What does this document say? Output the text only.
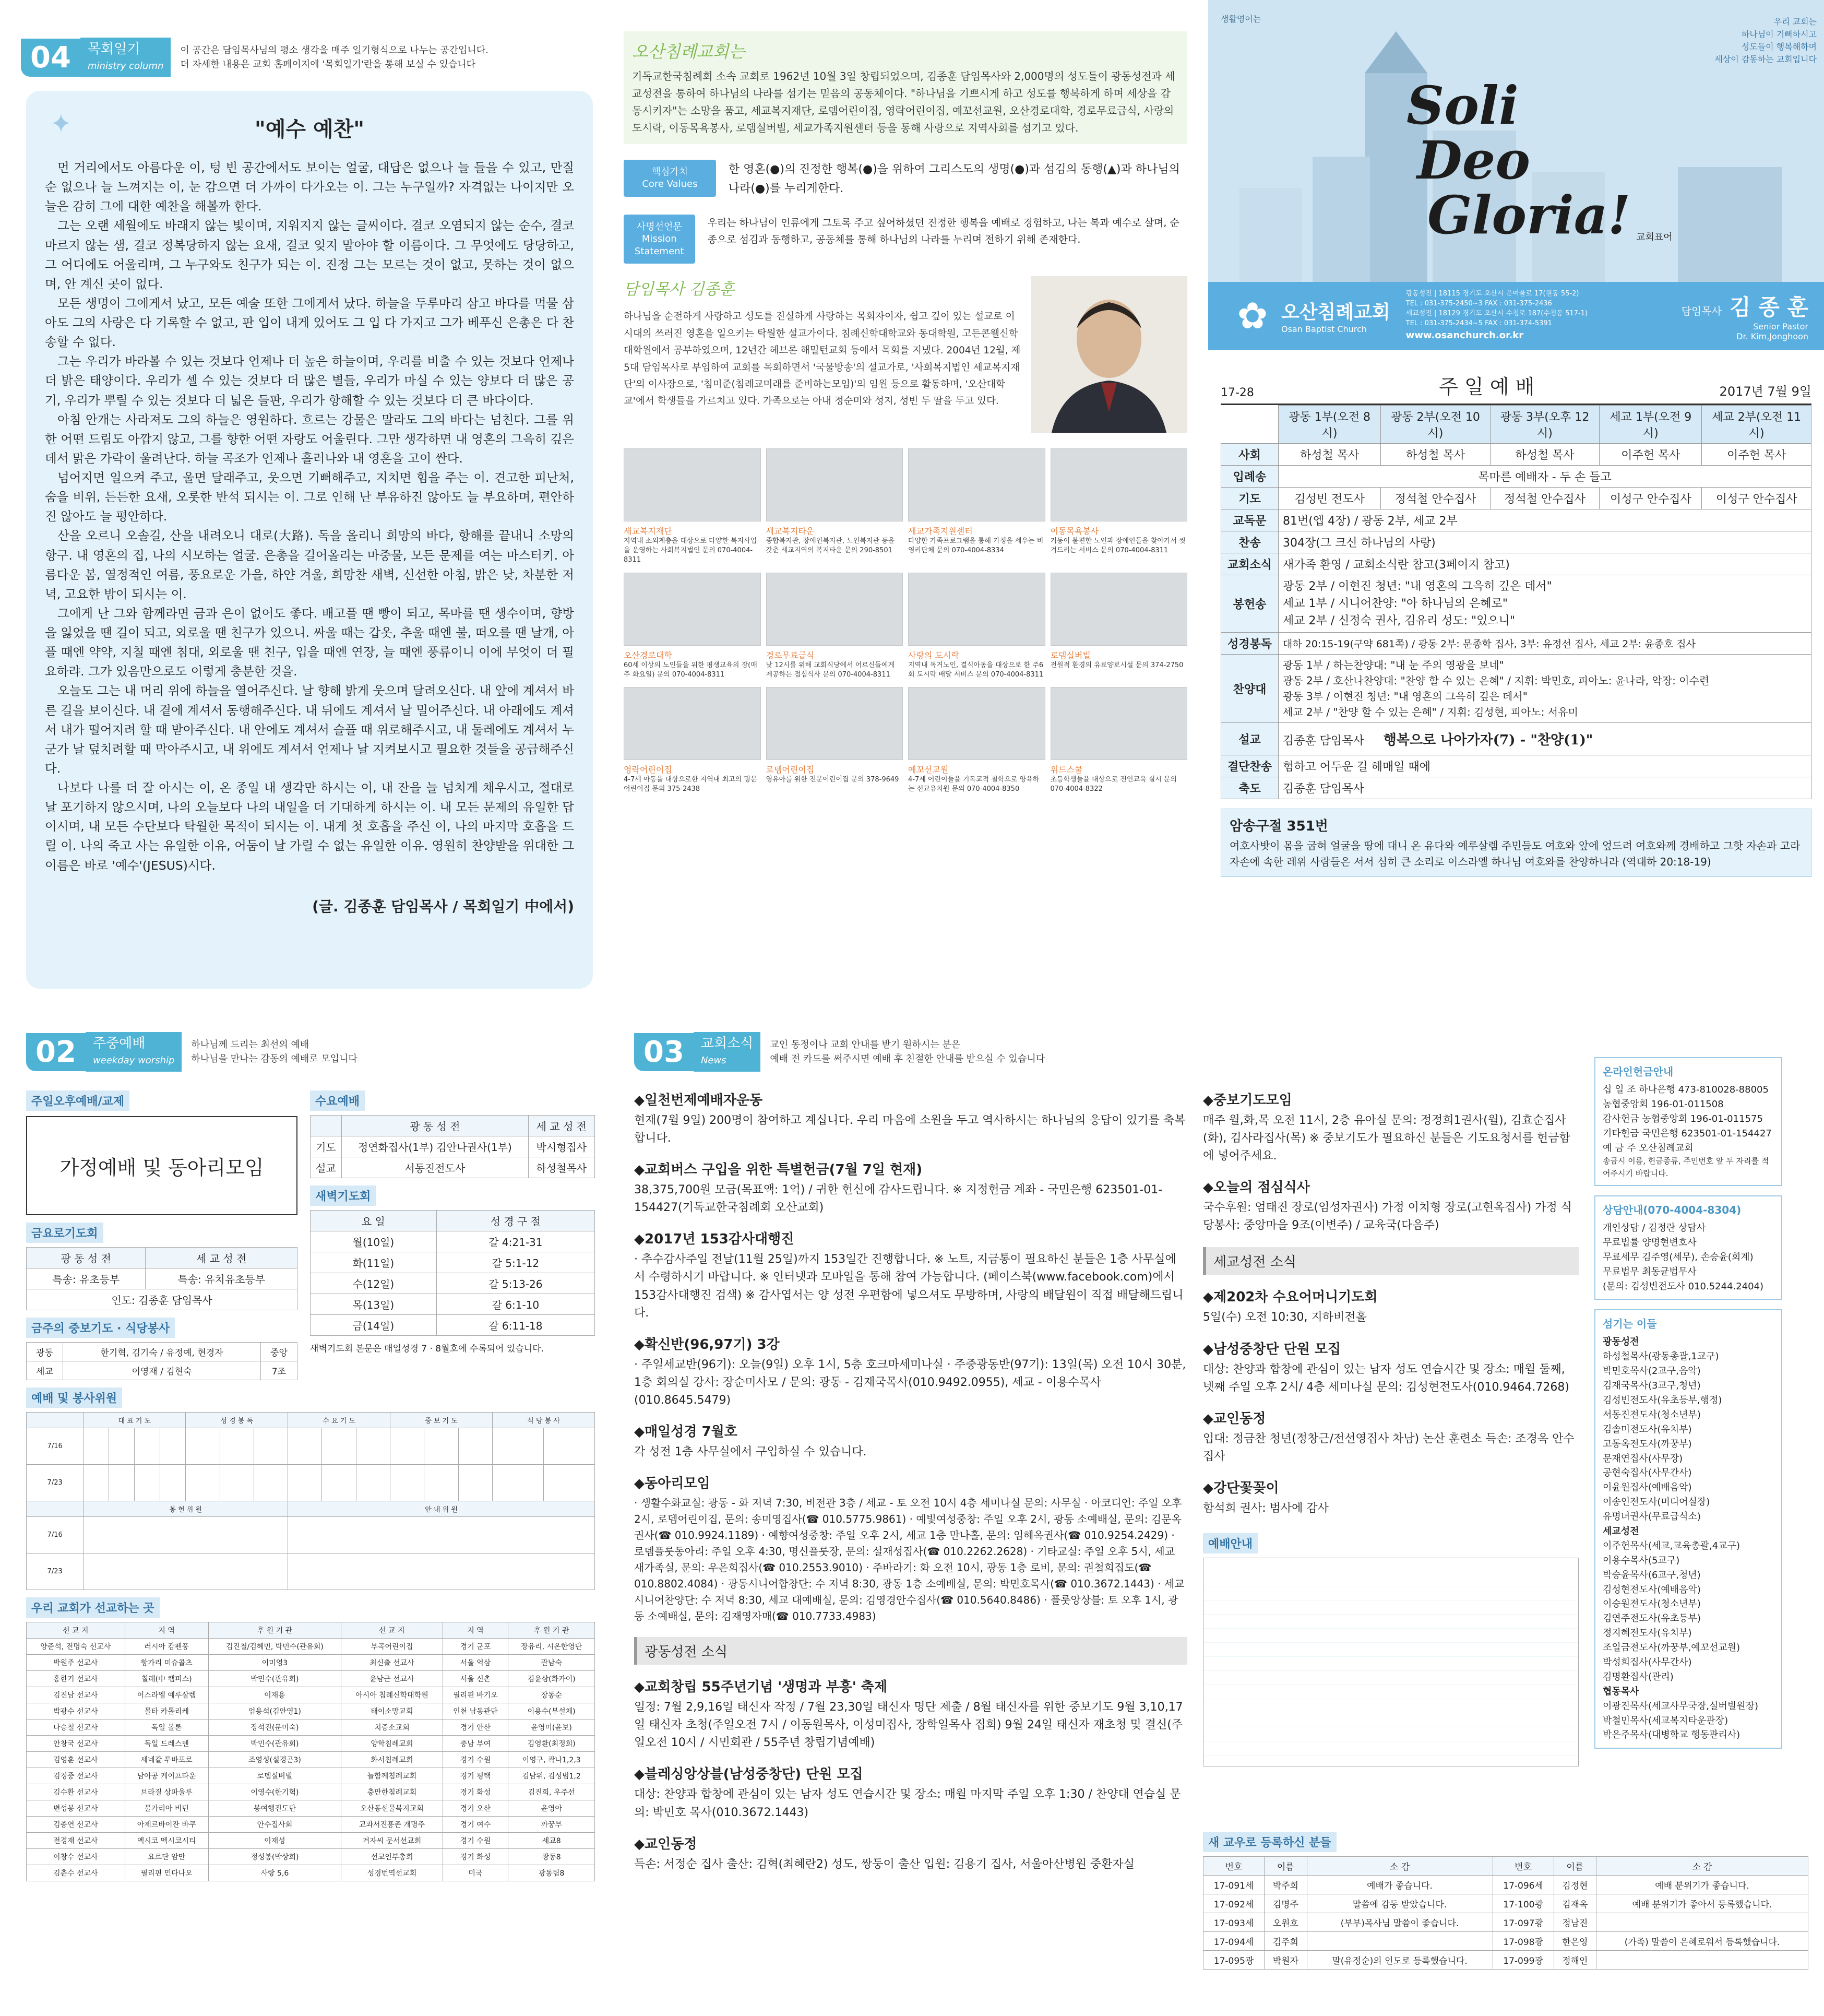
04	목회일기
ministry column
이 공간은 담임목사님의 평소 생각을 매주 일기형식으로 나누는 공간입니다.
더 자세한 내용은 교회 홈페이지에 '목회일기'란을 통해 보실 수 있습니다
✦	"예수 예찬"

먼 거리에서도 아름다운 이, 텅 빈 공간에서도 보이는 얼굴, 대답은 없으나 늘 들을 수 있고, 만질 순 없으나 늘 느껴지는 이, 눈 감으면 더 가까이 다가오는 이. 그는 누구일까? 자격없는 나이지만 오늘은 감히 그에 대한 예찬을 해볼까 한다.

그는 오랜 세월에도 바래지 않는 빛이며, 지워지지 않는 글씨이다. 결코 오염되지 않는 순수, 결코 마르지 않는 샘, 결코 정복당하지 않는 요새, 결코 잊지 말아야 할 이름이다. 그 무엇에도 당당하고, 그 어디에도 어울리며, 그 누구와도 친구가 되는 이. 진정 그는 모르는 것이 없고, 못하는 것이 없으며, 안 계신 곳이 없다.

모든 생명이 그에게서 났고, 모든 예술 또한 그에게서 났다. 하늘을 두루마리 삼고 바다를 먹물 삼아도 그의 사랑은 다 기록할 수 없고, 판 입이 내게 있어도 그 입 다 가지고 그가 베푸신 은총은 다 찬송할 수 없다.

그는 우리가 바라볼 수 있는 것보다 언제나 더 높은 하늘이며, 우리를 비출 수 있는 것보다 언제나 더 밝은 태양이다. 우리가 셀 수 있는 것보다 더 많은 별들, 우리가 마실 수 있는 양보다 더 많은 공기, 우리가 뿌릴 수 있는 것보다 더 넓은 들판, 우리가 항해할 수 있는 것보다 더 큰 바다이다.

아침 안개는 사라져도 그의 하늘은 영원하다. 흐르는 강물은 말라도 그의 바다는 넘친다. 그를 위한 어떤 드림도 아깝지 않고, 그를 향한 어떤 자랑도 어울린다. 그만 생각하면 내 영혼의 그윽히 깊은데서 맑은 가락이 울려난다. 하늘 곡조가 언제나 흘러나와 내 영혼을 고이 싼다.

넘어지면 일으켜 주고, 울면 달래주고, 웃으면 기뻐해주고, 지치면 힘을 주는 이. 견고한 피난처, 숨을 비위, 든든한 요새, 오롯한 반석 되시는 이. 그로 인해 난 부유하진 않아도 늘 부요하며, 편안하진 않아도 늘 평안하다.

산을 오르니 오솔길, 산을 내려오니 대로(大路). 독을 올리니 희망의 바다, 항해를 끝내니 소망의 항구. 내 영혼의 집, 나의 시모하는 얼굴. 은총을 길어올리는 마중물, 모든 문제를 여는 마스터키. 아름다운 봄, 열정적인 여름, 풍요로운 가을, 하얀 겨울, 희망찬 새벽, 신선한 아침, 밝은 낮, 차분한 저녁, 고요한 밤이 되시는 이.

그에게 난 그와 함께라면 금과 은이 없어도 좋다. 배고플 땐 빵이 되고, 목마를 땐 생수이며, 향방을 잃었을 땐 길이 되고, 외로울 땐 친구가 있으니. 싸울 때는 갑옷, 추울 때엔 불, 떠오를 땐 날개, 아플 때엔 약약, 지칠 때엔 침대, 외로울 땐 친구, 입을 때엔 연장, 늘 때엔 풍류이니 이에 무엇이 더 필요하랴. 그가 있음만으로도 이렇게 충분한 것을.

오늘도 그는 내 머리 위에 하늘을 열어주신다. 날 향해 밝게 웃으며 달려오신다. 내 앞에 계셔서 바른 길을 보이신다. 내 곁에 계셔서 동행해주신다. 내 뒤에도 계셔서 날 밀어주신다. 내 아래에도 계셔서 내가 떨어지려 할 때 받아주신다. 내 안에도 계셔서 슬플 때 위로해주시고, 내 둘레에도 계셔서 누군가 날 덮치려할 때 막아주시고, 내 위에도 계셔서 언제나 날 지켜보시고 필요한 것들을 공급해주신다.

나보다 나를 더 잘 아시는 이, 온 종일 내 생각만 하시는 이, 내 잔을 늘 넘치게 채우시고, 절대로 날 포기하지 않으시며, 나의 오늘보다 나의 내일을 더 기대하게 하시는 이. 내 모든 문제의 유일한 답이시며, 내 모든 수단보다 탁월한 목적이 되시는 이. 내게 첫 호흡을 주신 이, 나의 마지막 호흡을 드릴 이. 나의 죽고 사는 유일한 이유, 어둠이 날 가릴 수 없는 유일한 이유. 영원히 찬양받을 위대한 그 이름은 바로 '예수'(JESUS)시다.

(글. 김종훈 담임목사 / 목회일기 中에서)
오산침례교회는
기독교한국침례회 소속 교회로 1962년 10월 3일 창립되었으며, 김종훈 담임목사와 2,000명의 성도들이 광동성전과 세교성전을 통하여 하나님의 나라를 섬기는 믿음의 공동체이다. "하나님을 기쁘시게 하고 성도를 행복하게 하며 세상을 감동시키자"는 소망을 품고, 세교복지재단, 로뎀어린이집, 영락어린이집, 예꼬선교원, 오산경로대학, 경로무료급식, 사랑의도시락, 이동목욕봉사, 로뎀실버빌, 세교가족지원센터 등을 통해 사랑으로 지역사회를 섬기고 있다.
핵심가치
Core Values
한 영혼(●)의 진정한 행복(●)을 위하여 그리스도의 생명(●)과 섬김의 동행(▲)과 하나님의 나라(●)를 누리게한다.
사명선언문
Mission Statement
우리는 하나님이 인류에게 그토록 주고 싶어하셨던 진정한 행복을 예배로 경험하고, 나는 복과 예수로 살며, 순종으로 섬김과 동행하고, 공동체를 통해 하나님의 나라를 누리며 전하기 위해 존재한다.
담임목사 김종훈
하나님을 순전하게 사랑하고 성도를 진실하게 사랑하는 목회자이자, 쉽고 깊이 있는 설교로 이 시대의 쓰러진 영혼을 일으키는 탁월한 설교가이다. 침례신학대학교와 동대학원, 고든콘웰신학대학원에서 공부하였으며, 12년간 헤브론 해밀턴교회 등에서 목회를 지냈다. 2004년 12월, 제5대 담임목사로 부임하여 교회를 목회하면서 '국물방송'의 설교가로, '사회복지법인 세교복지재단'의 이사장으로, '침미준(침례교미래를 준비하는모임)'의 임원 등으로 활동하며, '오산대학교'에서 학생들을 가르치고 있다. 가족으로는 아내 정순미와 성지, 성빈 두 딸을 두고 있다.
세교복지재단
지역내 소외계층을 대상으로 다양한 복지사업을 운영하는 사회복지법인 문의 070-4004-8311
세교복지타운
종합복지관, 장애인복지관, 노인복지관 등을 갖춘 세교지역의 복지타운 문의 290-8501
세교가족지원센터
다양한 가족프로그램을 통해 가정을 세우는 비영리단체 문의 070-4004-8334
이동목욕봉사
거동이 불편한 노인과 장애인들을 찾아가서 씻겨드리는 서비스 문의 070-4004-8311
오산경로대학
60세 이상의 노인들을 위한 평생교육의 장(매주 화요일) 문의 070-4004-8311
경로무료급식
낮 12시를 위해 교회식당에서 어르신들에게 제공하는 점심식사 문의 070-4004-8311
사랑의 도시락
지역내 독거노인, 결식아동을 대상으로 한 주6회 도시락 배달 서비스 문의 070-4004-8311
로뎀실버빌
전원적 환경의 유료양로시설 문의 374-2750
영락어린이집
4-7세 아동을 대상으로한 지역내 최고의 명문 어린이집 문의 375-2438
로뎀어린이집
영유아를 위한 전문어린이집 문의 378-9649
예꼬선교원
4-7세 어린이들을 기독교적 철학으로 양육하는 선교유치원 문의 070-4004-8350
위드스쿨
초등학생들을 대상으로 전인교육 실시 문의 070-4004-8322
생활영어는	우리 교회는
하나님이 기뻐하시고
성도들이 행복해하며
세상이 감동하는 교회입니다
Soli
Deo
Gloria! 교회표어
✿ 오산침례교회
Osan Baptist Church
광동성전 | 18115 경기도 오산시 은여울로 17(원동 55-2)
TEL : 031-375-2450~3 FAX : 031-375-2436
세교성전 | 18129 경기도 오산시 수청로 187(수청동 517-1)
TEL : 031-375-2434~5 FAX : 031-374-5391
www.osanchurch.or.kr
담임목사 김 종 훈
Senior Pastor
Dr. Kim,Jonghoon
17-28	주 일 예 배	2017년 7월 9일
	광동 1부(오전 8시)	광동 2부(오전 10시)	광동 3부(오후 12시)	세교 1부(오전 9시)	세교 2부(오전 11시)
사회	하성철 목사	하성철 목사	하성철 목사	이주헌 목사	이주헌 목사
입례송	목마른 예배자 - 두 손 들고				
기도	김성빈 전도사	정석철 안수집사	정석철 안수집사	이성구 안수집사	이성구 안수집사
교독문	81번(엡 4장) / 광동 2부, 세교 2부				
찬송	304장(그 크신 하나님의 사랑)				
교회소식	새가족 환영 / 교회소식란 참고(3페이지 참고)				
봉헌송	광동 2부 / 이현진 청년: "내 영혼의 그윽히 깊은 데서"
세교 1부 / 시니어찬양: "아 하나님의 은혜로"
세교 2부 / 신정숙 권사, 김유리 성도: "있으니"				

성경봉독	대하 20:15-19(구약 681쪽) / 광동 2부: 문종학 집사, 3부: 유정선 집사, 세교 2부: 윤종호 집사				
찬양대	광동 1부 / 하는찬양대: "내 눈 주의 영광을 보네"
광동 2부 / 호산나찬양대: "찬양 할 수 있는 은혜" / 지휘: 박민호, 피아노: 윤나라, 악장: 이수련
광동 3부 / 이현진 청년: "내 영혼의 그윽히 깊은 데서"
세교 2부 / "찬양 할 수 있는 은혜" / 지휘: 김성현, 피아노: 서유미				

설교	김종훈 담임목사 행복으로 나아가자(7) - "찬양(1)"				
결단찬송	험하고 어두운 길 헤매일 때에				
축도	김종훈 담임목사				
암송구절 351번
여호사밧이 몸을 굽혀 얼굴을 땅에 대니 온 유다와 예루살렘 주민들도 여호와 앞에 엎드려 여호와께 경배하고 그핫 자손과 고라 자손에 속한 레위 사람들은 서서 심히 큰 소리로 이스라엘 하나님 여호와를 찬양하니라 (역대하 20:18-19)
02	주중예배
weekday worship
하나님께 드리는 최선의 예배
하나님을 만나는 감동의 예배로 모입니다
주일오후예배/교제
가정예배 및 동아리모임
금요로기도회
광 동 성 전	세 교 성 전
특송: 유초등부	특송: 유치유초등부
인도: 김종훈 담임목사	
금주의 중보기도 · 식당봉사
광동	한기혁, 김기숙 / 유정예, 현경자	중앙
세교	이영재 / 김현숙	7조
수요예배
	광 동 성 전	세 교 성 전
기도	정연화집사(1부) 김안나권사(1부)	박시형집사
설교	서동진전도사	하성철목사
새벽기도회
요 일	성 경 구 절
월(10일)	갈 4:21-31
화(11일)	갈 5:1-12
수(12일)	갈 5:13-26
목(13일)	갈 6:1-10
금(14일)	갈 6:11-18
새벽기도회 본문은 매일성경 7 · 8월호에 수록되어 있습니다.
예배 및 봉사위원
	대 표 기 도				성 경 봉 독			수 요 기 도			중 보 기 도			식 당 봉 사	
7/16															
7/23															
	봉 헌 위 원							안 내 위 원							
7/16															
7/23															
우리 교회가 선교하는 곳
선 교 지	지 역	후 원 기 관	선 교 지	지 역	후 원 기 관
양준석, 전명숙 선교사	러시아 캄펜풍	김진철/김혜민, 박민수(관유회)	부곡어린이집	경기 군포	장유리, 시온한영단
박원주 선교사	항가리 미슈콜츠	이미영3	최신출 선교사	서울 억삼	관남숙
홍한기 선교사	칠레(中 캠퍼스)	박민수(관유회)	윤남근 선교사	서울 신촌	김윤삼(화카이)
김진남 선교사	이스라엘 예루살렘	이재용	아시아 침례신학대학원	필리핀 바기오	장동순
박광수 선교사	몰타 카톨리케	엄용석(김안영1)	태이소망교회	인천 남동관단	이용수(부설체)
나승철 선교사	독일 볼론	장석진(문미숙)	치증소교회	경기 안산	윤영미(윤보)
안창국 선교사	독일 드레스덴	박민수(관유회)	양학침례교회	충남 부여	김영환(최정희)
김영훈 선교사	세네갈 투바포로	조영성(설경곤3)	화서침례교회	경기 수원	이영구, 곽나1,2,3
김경중 선교사	남아공 케이프타운	로뎀실버빌	늘함께침례교회	경기 평택	김남위, 김성범1,2
김수환 선교사	브라질 상파울루	이영수(한기혁)	충만한침례교회	경기 화성	김진희, 우주선
변성봉 선교사	불가리아 비딘	봉여행진도단	오산동선물복지교회	경기 오산	윤영아
김종연 선교사	아제르바이잔 바쿠	안수집사회	교과서진흥존 개명주	경기 여수	까꿍부
전경재 선교사	멕시코 멕시코시티	이재성	겨자씨 문서선교회	경기 수원	세교8
이창수 선교사	요르단 암만	정성봉(박상희)	선교인부총회	경기 화성	광동8
김춘수 선교사	필리핀 민다나오	사랑 5,6	성경번역선교회	미국	광동팀8
03	교회소식
News
교인 동정이나 교회 안내를 받기 원하시는 분은
예배 전 카드를 써주시면 예배 후 친절한 안내를 받으실 수 있습니다
◆일천번제예배자운동

현재(7월 9일) 200명이 참여하고 계십니다. 우리 마음에 소원을 두고 역사하시는 하나님의 응답이 있기를 축복합니다.

◆교회버스 구입을 위한 특별헌금(7월 7일 현재)

38,375,700원 모금(목표액: 1억) / 귀한 헌신에 감사드립니다. ※ 지정헌금 계좌 - 국민은행 623501-01-154427(기독교한국침례회 오산교회)

◆2017년 153감사대행진

· 추수감사주일 전날(11월 25일)까지 153일간 진행합니다. ※ 노트, 지금통이 필요하신 분들은 1층 사무실에서 수령하시기 바랍니다. ※ 인터넷과 모바일을 통해 참여 가능합니다. (페이스북(www.facebook.com)에서 153감사대행진 검색) ※ 감사엽서는 양 성전 우편함에 넣으셔도 무방하며, 사랑의 배달원이 직접 배달해드립니다.

◆확신반(96,97기) 3강

· 주일세교반(96기): 오늘(9일) 오후 1시, 5층 호크마세미나실 · 주중광동반(97기): 13일(목) 오전 10시 30분, 1층 회의실 강사: 장순미사모 / 문의: 광동 - 김재국목사(010.9492.0955), 세교 - 이용수목사(010.8645.5479)

◆매일성경 7월호

각 성전 1층 사무실에서 구입하실 수 있습니다.

◆동아리모임

· 생활수화교실: 광동 - 화 저녁 7:30, 비전관 3층 / 세교 - 토 오전 10시 4층 세미나실 문의: 사무실 · 아코디언: 주일 오후 2시, 로뎀어린이집, 문의: 송미영집사(☎ 010.5775.9861) · 예빛여성중창: 주일 오후 2시, 광동 소예배실, 문의: 김문옥권사(☎ 010.9924.1189) · 예향여성중창: 주일 오후 2시, 세교 1층 만나홀, 문의: 임혜옥권사(☎ 010.9254.2429) · 로뎀플룻동아리: 주일 오후 4:30, 명신플룻장, 문의: 설재성집사(☎ 010.2262.2628) · 기타교실: 주일 오후 5시, 세교 새가족실, 문의: 우은희집사(☎ 010.2553.9010) · 주바라기: 화 오전 10시, 광동 1층 로비, 문의: 권철희집도(☎ 010.8802.4084) · 광동시니어합창단: 수 저녁 8:30, 광동 1층 소예배실, 문의: 박민호목사(☎ 010.3672.1443) · 세교시니어찬양단: 수 저녁 8:30, 세교 대예배실, 문의: 김영경안수집사(☎ 010.5640.8486) · 플룻앙상블: 토 오후 1시, 광동 소예배실, 문의: 김재영자매(☎ 010.7733.4983)

광동성전 소식
◆교회창립 55주년기념 '생명과 부흥' 축제

일정: 7월 2,9,16일 태신자 작정 / 7월 23,30일 태신자 명단 제출 / 8월 태신자를 위한 중보기도 9월 3,10,17일 태신자 초청(주일오전 7시 / 이동원목사, 이성미집사, 장학일목사 집회) 9월 24일 태신자 재초청 및 결신(주일오전 10시 / 시민회관 / 55주년 창립기념예배)

◆블레싱앙상블(남성중창단) 단원 모집

대상: 찬양과 합창에 관심이 있는 남자 성도 연습시간 및 장소: 매월 마지막 주일 오후 1:30 / 찬양대 연습실 문의: 박민호 목사(010.3672.1443)

◆교인동정

득손: 서정순 집사 출산: 김혁(최혜란2) 성도, 쌍둥이 출산 입원: 김용기 집사, 서울아산병원 중환자실

◆중보기도모임

매주 월,화,목 오전 11시, 2층 유아실 문의: 정정희1권사(월), 김효순집사(화), 김사라집사(목) ※ 중보기도가 필요하신 분들은 기도요청서를 헌금함에 넣어주세요.

◆오늘의 점심식사

국수후원: 엄태진 장로(임성자권사) 가정 이치형 장로(고현옥집사) 가정 식당봉사: 중앙마을 9조(이변주) / 교육국(다음주)

세교성전 소식
◆제202차 수요어머니기도회

5일(수) 오전 10:30, 지하비전홀

◆남성중창단 단원 모집

대상: 찬양과 합창에 관심이 있는 남자 성도 연습시간 및 장소: 매월 둘째, 넷째 주일 오후 2시/ 4층 세미나실 문의: 김성현전도사(010.9464.7268)

◆교인동정

입대: 정금찬 청년(정창근/전선영집사 차남) 논산 훈련소 득손: 조경옥 안수집사

◆강단꽃꽂이

함석희 권사: 범사에 감사

예배안내
온라인헌금안내
십 일 조 하나은행 473-810028-88005
농협중앙회 196-01-011508
감사헌금 농협중앙회 196-01-011575
기타헌금 국민은행 623501-01-154427
예 금 주 오산침례교회
송금시 이름, 헌금종류, 주민번호 앞 두 자리를 적어주시기 바랍니다.
상담안내(070-4004-8304)
개인상담 / 김정란 상담사
무료법률 양명현변호사
무료세무 김주영(세무), 손승윤(회계)
무료법무 최동균법무사
(문의: 김성빈전도사 010.5244.2404)
섬기는 이들
광동성전
하성철목사(광동총괄,1교구)
박민호목사(2교구,음악)
김재국목사(3교구,청년)
김성빈전도사(유초등부,행정)
서동진전도사(청소년부)
김솔미전도사(유치부)
고동옥전도사(까꿍부)
문재연집사(사무장)
공현숙집사(사무간사)
이윤원집사(예배음악)
이송인전도사(미디어실장)
유명녀권사(무료급식소)
세교성전
이주헌목사(세교,교육총괄,4교구)
이용수목사(5교구)
박승윤목사(6교구,청년)
김성현전도사(예배음악)
이승원전도사(청소년부)
김연주전도사(유초등부)
정지혜전도사(유치부)
조일금전도사(까꿍부,예꼬선교원)
박성희집사(사무간사)
김명환집사(관리)
협동목사
이광진목사(세교사무국장,실버빌원장)
박철민목사(세교복지타운관장)
박은주목사(대병학교 행동관리사)
새 교우로 등록하신 분들
번호	이름	소 감	번호	이름	소 감
17-091세	박주희	예배가 좋습니다.	17-096세	김정현	예배 분위기가 좋습니다.
17-092세	김명주	말씀에 감동 받았습니다.	17-100광	김재옥	예배 분위기가 좋아서 등록했습니다.
17-093세	오원호	(부부)목사님 말씀이 좋습니다.	17-097광	정남진	
17-094세	김주희		17-098광	한은영	(가족) 말씀이 은혜로워서 등록했습니다.
17-095광	박원자	말(유정순)의 인도로 등록했습니다.	17-099광	정해인	
